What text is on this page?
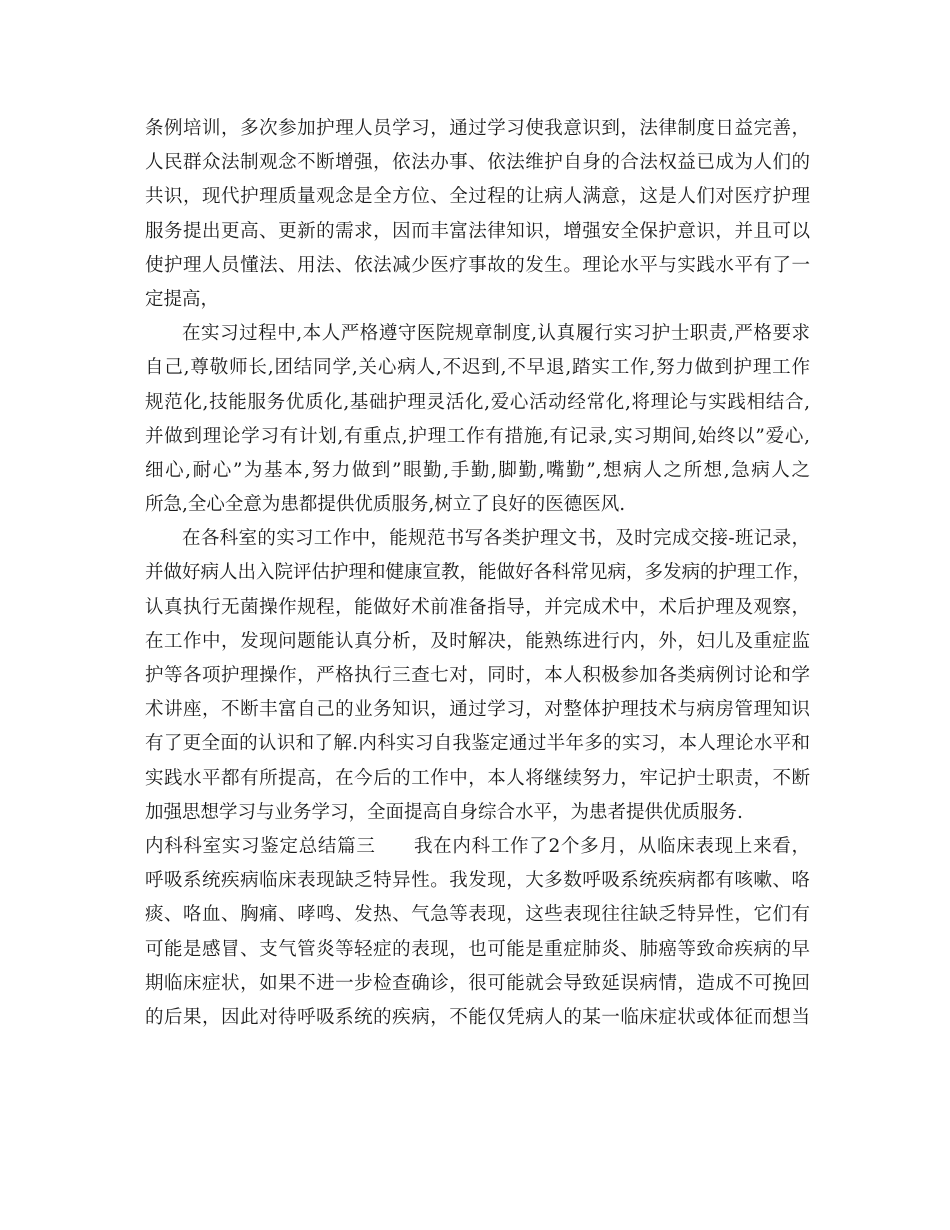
条例培训，多次参加护理人员学习，通过学习使我意识到，法律制度日益完善，
人民群众法制观念不断增强，依法办事、依法维护自身的合法权益已成为人们的
共识，现代护理质量观念是全方位、全过程的让病人满意，这是人们对医疗护理
服务提出更高、更新的需求，因而丰富法律知识，增强安全保护意识，并且可以
使护理人员懂法、用法、依法减少医疗事故的发生。理论水平与实践水平有了一
定提高，
在实习过程中,本人严格遵守医院规章制度,认真履行实习护士职责,严格要求
自己,尊敬师长,团结同学,关心病人,不迟到,不早退,踏实工作,努力做到护理工作
规范化,技能服务优质化,基础护理灵活化,爱心活动经常化,将理论与实践相结合,
并做到理论学习有计划,有重点,护理工作有措施,有记录,实习期间,始终以”爱心,
细心,耐心”为基本,努力做到”眼勤,手勤,脚勤,嘴勤”,想病人之所想,急病人之
所急,全心全意为患都提供优质服务,树立了良好的医德医风.
在各科室的实习工作中，能规范书写各类护理文书，及时完成交接-班记录，
并做好病人出入院评估护理和健康宣教，能做好各科常见病，多发病的护理工作，
认真执行无菌操作规程，能做好术前准备指导，并完成术中，术后护理及观察，
在工作中，发现问题能认真分析，及时解决，能熟练进行内，外，妇儿及重症监
护等各项护理操作，严格执行三查七对，同时，本人积极参加各类病例讨论和学
术讲座，不断丰富自己的业务知识，通过学习，对整体护理技术与病房管理知识
有了更全面的认识和了解.内科实习自我鉴定通过半年多的实习，本人理论水平和
实践水平都有所提高，在今后的工作中，本人将继续努力，牢记护士职责，不断
加强思想学习与业务学习，全面提高自身综合水平，为患者提供优质服务.
内科科室实习鉴定总结篇三　　我在内科工作了2个多月，从临床表现上来看，
呼吸系统疾病临床表现缺乏特异性。我发现，大多数呼吸系统疾病都有咳嗽、咯
痰、咯血、胸痛、哮鸣、发热、气急等表现，这些表现往往缺乏特异性，它们有
可能是感冒、支气管炎等轻症的表现，也可能是重症肺炎、肺癌等致命疾病的早
期临床症状，如果不进一步检查确诊，很可能就会导致延误病情，造成不可挽回
的后果，因此对待呼吸系统的疾病，不能仅凭病人的某一临床症状或体征而想当
